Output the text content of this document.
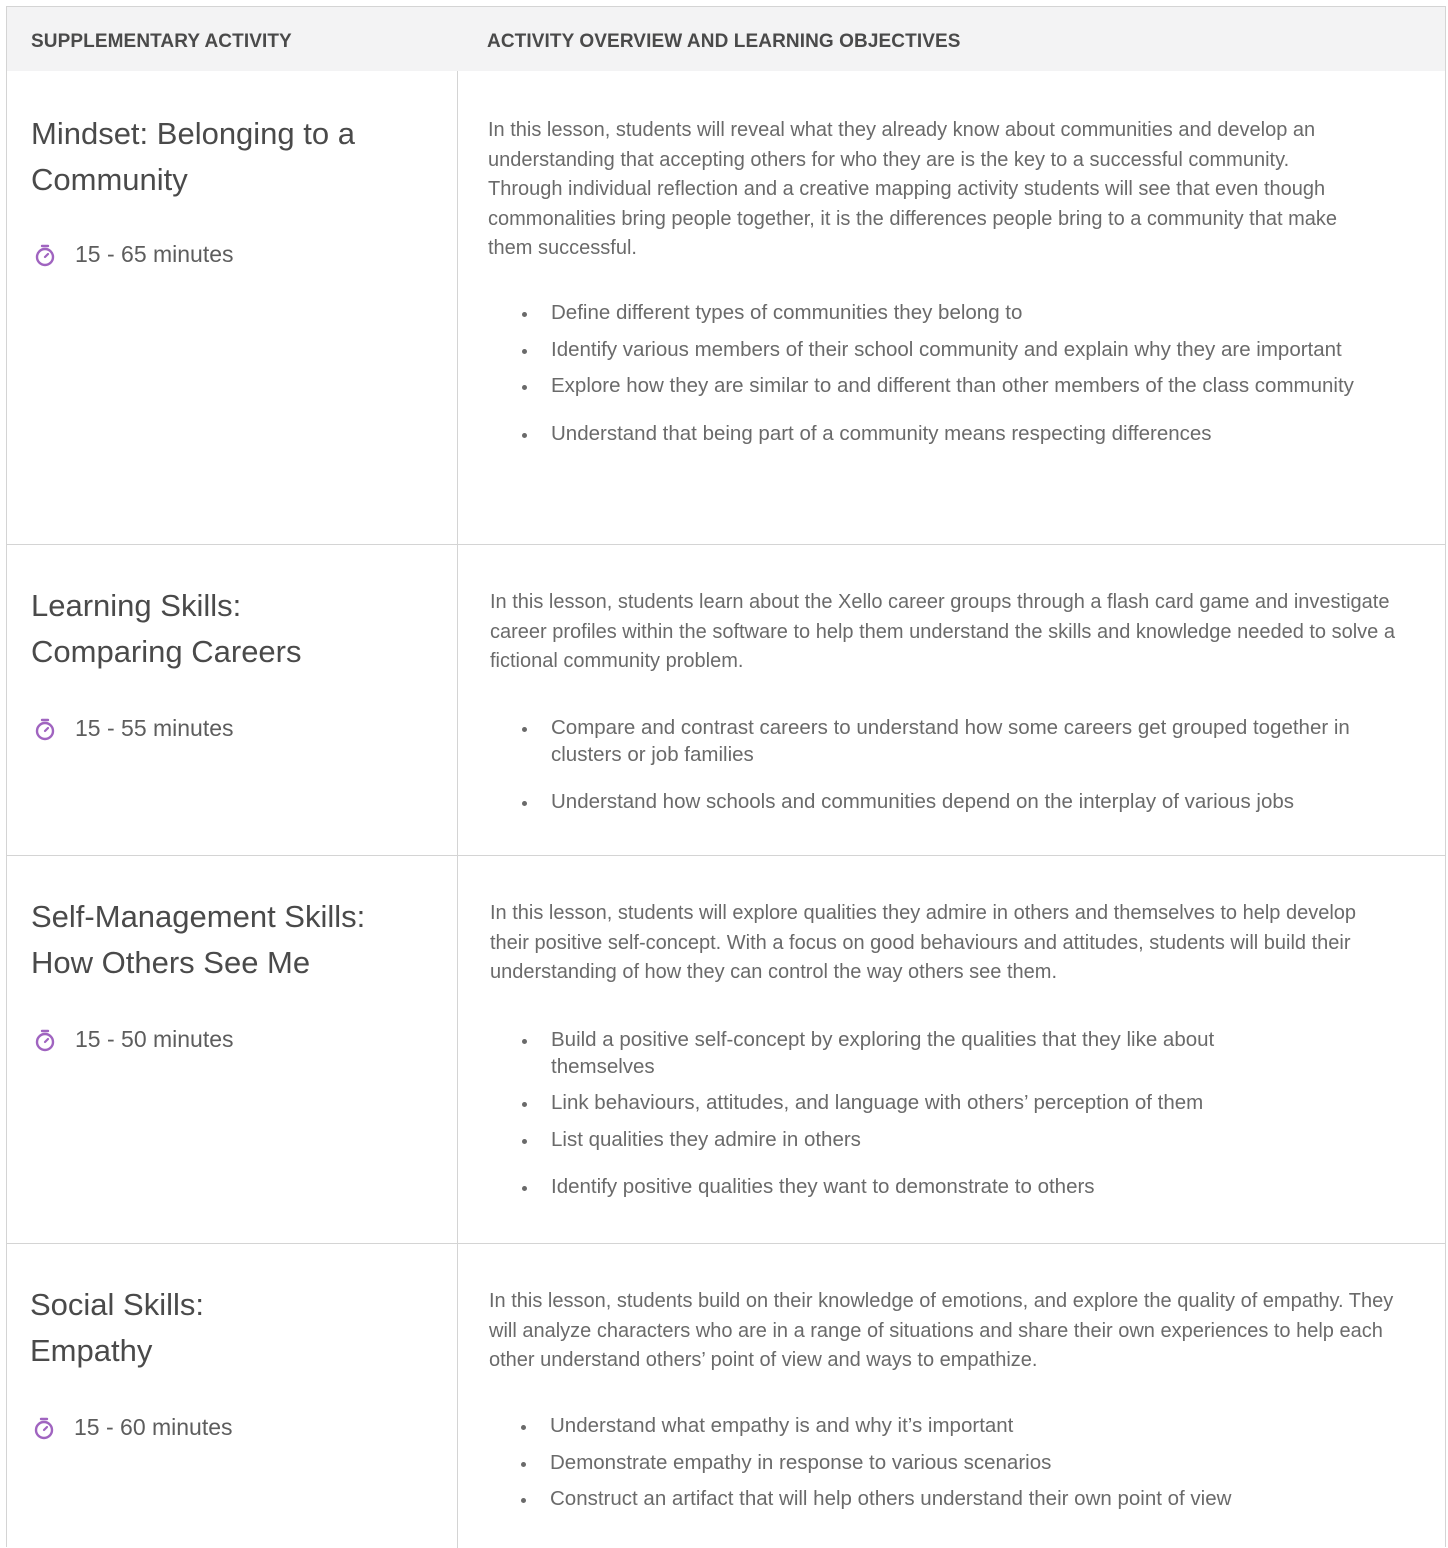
SUPPLEMENTARY ACTIVITY	ACTIVITY OVERVIEW AND LEARNING OBJECTIVES
Mindset: Belonging to a
Community
15 - 65 minutes
In this lesson, students will reveal what they already know about communities and develop an understanding that accepting others for who they are is the key to a successful community. Through individual reflection and a creative mapping activity students will see that even though commonalities bring people together, it is the differences people bring to a community that make them successful.
Define different types of communities they belong to
Identify various members of their school community and explain why they are important
Explore how they are similar to and different than other members of the class community
Understand that being part of a community means respecting differences
Learning Skills:
Comparing Careers
15 - 55 minutes
In this lesson, students learn about the Xello career groups through a flash card game and investigate career profiles within the software to help them understand the skills and knowledge needed to solve a fictional community problem.
Compare and contrast careers to understand how some careers get grouped together in clusters or job families
Understand how schools and communities depend on the interplay of various jobs
Self-Management Skills:
How Others See Me
15 - 50 minutes
In this lesson, students will explore qualities they admire in others and themselves to help develop their positive self-concept. With a focus on good behaviours and attitudes, students will build their understanding of how they can control the way others see them.
Build a positive self-concept by exploring the qualities that they like about themselves
Link behaviours, attitudes, and language with others’ perception of them
List qualities they admire in others
Identify positive qualities they want to demonstrate to others
Social Skills:
Empathy
15 - 60 minutes
In this lesson, students build on their knowledge of emotions, and explore the quality of empathy. They will analyze characters who are in a range of situations and share their own experiences to help each other understand others’ point of view and ways to empathize.
Understand what empathy is and why it’s important
Demonstrate empathy in response to various scenarios
Construct an artifact that will help others understand their own point of view
